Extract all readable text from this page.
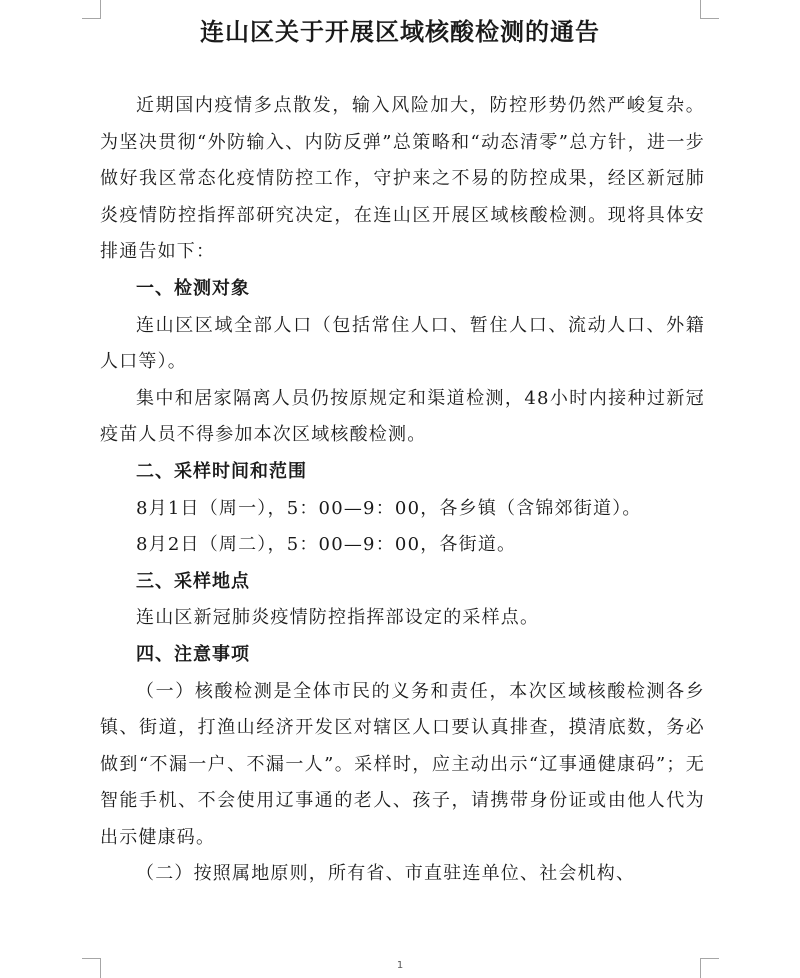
连山区关于开展区域核酸检测的通告

近期国内疫情多点散发，输入风险加大，防控形势仍然严峻复杂。为坚决贯彻“外防输入、内防反弹”总策略和“动态清零”总方针，进一步做好我区常态化疫情防控工作，守护来之不易的防控成果，经区新冠肺炎疫情防控指挥部研究决定，在连山区开展区域核酸检测。现将具体安排通告如下：

一、检测对象

连山区区域全部人口（包括常住人口、暂住人口、流动人口、外籍人口等）。

集中和居家隔离人员仍按原规定和渠道检测，48小时内接种过新冠疫苗人员不得参加本次区域核酸检测。

二、采样时间和范围

8月1日（周一），5：00—9：00，各乡镇（含锦郊街道）。

8月2日（周二），5：00—9：00，各街道。

三、采样地点

连山区新冠肺炎疫情防控指挥部设定的采样点。

四、注意事项

（一）核酸检测是全体市民的义务和责任，本次区域核酸检测各乡镇、街道，打渔山经济开发区对辖区人口要认真排查，摸清底数，务必做到“不漏一户、不漏一人”。采样时，应主动出示“辽事通健康码”；无智能手机、不会使用辽事通的老人、孩子，请携带身份证或由他人代为出示健康码。

（二）按照属地原则，所有省、市直驻连单位、社会机构、

1
